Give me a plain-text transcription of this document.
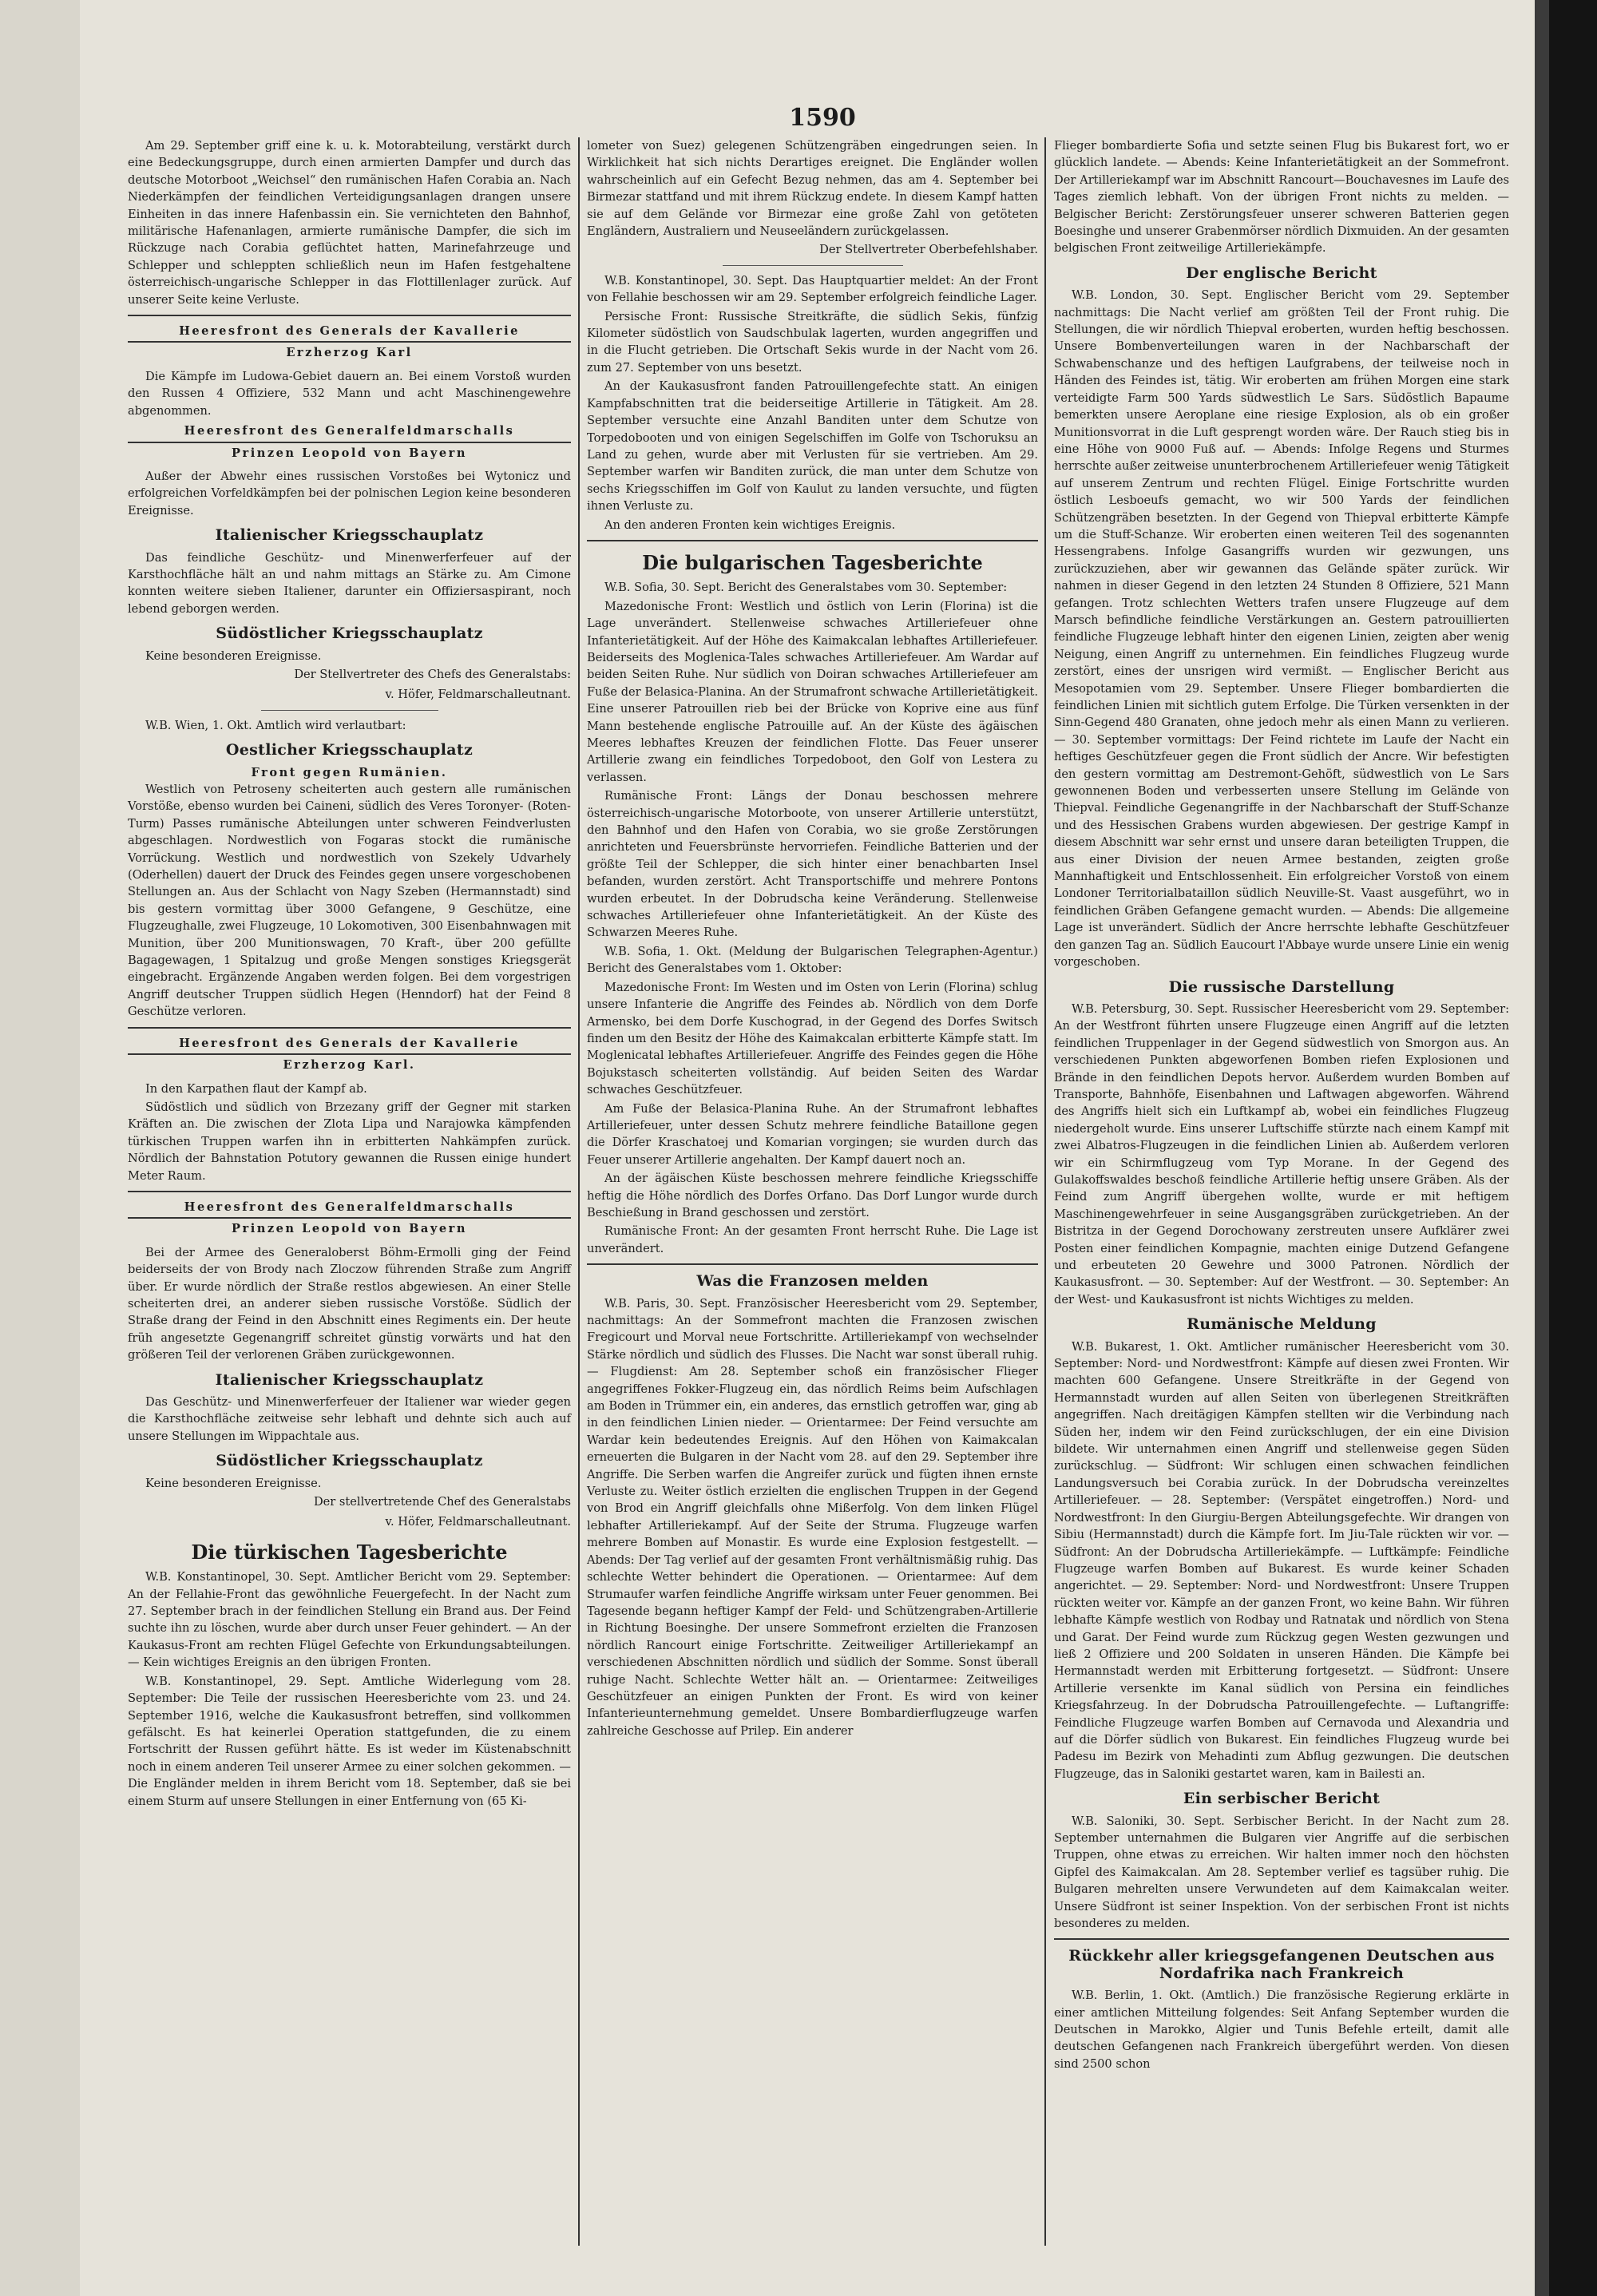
1590

Am 29. September griff eine k. u. k. Motorabteilung, verstärkt durch eine Bedeckungsgruppe, durch einen armierten Dampfer und durch das deutsche Motorboot „Weichsel“ den rumänischen Hafen Corabia an. Nach Niederkämpfen der feindlichen Verteidigungsanlagen drangen unsere Einheiten in das innere Hafenbassin ein. Sie vernichteten den Bahnhof, militärische Hafenanlagen, armierte rumänische Dampfer, die sich im Rückzuge nach Corabia geflüchtet hatten, Marinefahrzeuge und Schlepper und schleppten schließlich neun im Hafen festgehaltene österreichisch-ungarische Schlepper in das Flottillenlager zurück. Auf unserer Seite keine Verluste.

Heeresfront des Generals der Kavallerie
Erzherzog Karl

Die Kämpfe im Ludowa-Gebiet dauern an. Bei einem Vorstoß wurden den Russen 4 Offiziere, 532 Mann und acht Maschinengewehre abgenommen.

Heeresfront des Generalfeldmarschalls
Prinzen Leopold von Bayern

Außer der Abwehr eines russischen Vorstoßes bei Wytonicz und erfolgreichen Vorfeldkämpfen bei der polnischen Legion keine besonderen Ereignisse.

Italienischer Kriegsschauplatz

Das feindliche Geschütz- und Minenwerferfeuer auf der Karsthochfläche hält an und nahm mittags an Stärke zu. Am Cimone konnten weitere sieben Italiener, darunter ein Offiziersaspirant, noch lebend geborgen werden.

Südöstlicher Kriegsschauplatz

Keine besonderen Ereignisse.

Der Stellvertreter des Chefs des Generalstabs:
v. Höfer, Feldmarschalleutnant.

W.B. Wien, 1. Okt. Amtlich wird verlautbart:

Oestlicher Kriegsschauplatz
Front gegen Rumänien.

Westlich von Petroseny scheiterten auch gestern alle rumänischen Vorstöße, ebenso wurden bei Caineni, südlich des Veres Toronyer- (Roten-Turm) Passes rumänische Abteilungen unter schweren Feindverlusten abgeschlagen. Nordwestlich von Fogaras stockt die rumänische Vorrückung. Westlich und nordwestlich von Szekely Udvarhely (Oderhellen) dauert der Druck des Feindes gegen unsere vorgeschobenen Stellungen an. Aus der Schlacht von Nagy Szeben (Hermannstadt) sind bis gestern vormittag über 3000 Gefangene, 9 Geschütze, eine Flugzeughalle, zwei Flugzeuge, 10 Lokomotiven, 300 Eisenbahnwagen mit Munition, über 200 Munitionswagen, 70 Kraft-, über 200 gefüllte Bagagewagen, 1 Spitalzug und große Mengen sonstiges Kriegsgerät eingebracht. Ergänzende Angaben werden folgen. Bei dem vorgestrigen Angriff deutscher Truppen südlich Hegen (Henndorf) hat der Feind 8 Geschütze verloren.

Heeresfront des Generals der Kavallerie
Erzherzog Karl.

In den Karpathen flaut der Kampf ab.

Südöstlich und südlich von Brzezany griff der Gegner mit starken Kräften an. Die zwischen der Zlota Lipa und Narajowka kämpfenden türkischen Truppen warfen ihn in erbitterten Nahkämpfen zurück. Nördlich der Bahnstation Potutory gewannen die Russen einige hundert Meter Raum.

Heeresfront des Generalfeldmarschalls
Prinzen Leopold von Bayern

Bei der Armee des Generaloberst Böhm-Ermolli ging der Feind beiderseits der von Brody nach Zloczow führenden Straße zum Angriff über. Er wurde nördlich der Straße restlos abgewiesen. An einer Stelle scheiterten drei, an anderer sieben russische Vorstöße. Südlich der Straße drang der Feind in den Abschnitt eines Regiments ein. Der heute früh angesetzte Gegenangriff schreitet günstig vorwärts und hat den größeren Teil der verlorenen Gräben zurückgewonnen.

Italienischer Kriegsschauplatz

Das Geschütz- und Minenwerferfeuer der Italiener war wieder gegen die Karsthochfläche zeitweise sehr lebhaft und dehnte sich auch auf unsere Stellungen im Wippachtale aus.

Südöstlicher Kriegsschauplatz

Keine besonderen Ereignisse.

Der stellvertretende Chef des Generalstabs
v. Höfer, Feldmarschalleutnant.
Die türkischen Tagesberichte

W.B. Konstantinopel, 30. Sept. Amtlicher Bericht vom 29. September: An der Fellahie-Front das gewöhnliche Feuergefecht. In der Nacht zum 27. September brach in der feindlichen Stellung ein Brand aus. Der Feind suchte ihn zu löschen, wurde aber durch unser Feuer gehindert. — An der Kaukasus-Front am rechten Flügel Gefechte von Erkundungsabteilungen. — Kein wichtiges Ereignis an den übrigen Fronten.

W.B. Konstantinopel, 29. Sept. Amtliche Widerlegung vom 28. September: Die Teile der russischen Heeresberichte vom 23. und 24. September 1916, welche die Kaukasusfront betreffen, sind vollkommen gefälscht. Es hat keinerlei Operation stattgefunden, die zu einem Fortschritt der Russen geführt hätte. Es ist weder im Küstenabschnitt noch in einem anderen Teil unserer Armee zu einer solchen gekommen. — Die Engländer melden in ihrem Bericht vom 18. September, daß sie bei einem Sturm auf unsere Stellungen in einer Entfernung von (65 Ki-

lometer von Suez) gelegenen Schützengräben eingedrungen seien. In Wirklichkeit hat sich nichts Derartiges ereignet. Die Engländer wollen wahrscheinlich auf ein Gefecht Bezug nehmen, das am 4. September bei Birmezar stattfand und mit ihrem Rückzug endete. In diesem Kampf hatten sie auf dem Gelände vor Birmezar eine große Zahl von getöteten Engländern, Australiern und Neuseeländern zurückgelassen.

Der Stellvertreter Oberbefehlshaber.

W.B. Konstantinopel, 30. Sept. Das Hauptquartier meldet: An der Front von Fellahie beschossen wir am 29. September erfolgreich feindliche Lager.

Persische Front: Russische Streitkräfte, die südlich Sekis, fünfzig Kilometer südöstlich von Saudschbulak lagerten, wurden angegriffen und in die Flucht getrieben. Die Ortschaft Sekis wurde in der Nacht vom 26. zum 27. September von uns besetzt.

An der Kaukasusfront fanden Patrouillengefechte statt. An einigen Kampfabschnitten trat die beiderseitige Artillerie in Tätigkeit. Am 28. September versuchte eine Anzahl Banditen unter dem Schutze von Torpedobooten und von einigen Segelschiffen im Golfe von Tschoruksu an Land zu gehen, wurde aber mit Verlusten für sie vertrieben. Am 29. September warfen wir Banditen zurück, die man unter dem Schutze von sechs Kriegsschiffen im Golf von Kaulut zu landen versuchte, und fügten ihnen Verluste zu.

An den anderen Fronten kein wichtiges Ereignis.

Die bulgarischen Tagesberichte

W.B. Sofia, 30. Sept. Bericht des Generalstabes vom 30. September:

Mazedonische Front: Westlich und östlich von Lerin (Florina) ist die Lage unverändert. Stellenweise schwaches Artilleriefeuer ohne Infanterietätigkeit. Auf der Höhe des Kaimakcalan lebhaftes Artilleriefeuer. Beiderseits des Moglenica-Tales schwaches Artilleriefeuer. Am Wardar auf beiden Seiten Ruhe. Nur südlich von Doiran schwaches Artilleriefeuer am Fuße der Belasica-Planina. An der Strumafront schwache Artillerietätigkeit. Eine unserer Patrouillen rieb bei der Brücke von Koprive eine aus fünf Mann bestehende englische Patrouille auf. An der Küste des ägäischen Meeres lebhaftes Kreuzen der feindlichen Flotte. Das Feuer unserer Artillerie zwang ein feindliches Torpedoboot, den Golf von Lestera zu verlassen.

Rumänische Front: Längs der Donau beschossen mehrere österreichisch-ungarische Motorboote, von unserer Artillerie unterstützt, den Bahnhof und den Hafen von Corabia, wo sie große Zerstörungen anrichteten und Feuersbrünste hervorriefen. Feindliche Batterien und der größte Teil der Schlepper, die sich hinter einer benachbarten Insel befanden, wurden zerstört. Acht Transportschiffe und mehrere Pontons wurden erbeutet. In der Dobrudscha keine Veränderung. Stellenweise schwaches Artilleriefeuer ohne Infanterietätigkeit. An der Küste des Schwarzen Meeres Ruhe.

W.B. Sofia, 1. Okt. (Meldung der Bulgarischen Telegraphen-Agentur.) Bericht des Generalstabes vom 1. Oktober:

Mazedonische Front: Im Westen und im Osten von Lerin (Florina) schlug unsere Infanterie die Angriffe des Feindes ab. Nördlich von dem Dorfe Armensko, bei dem Dorfe Kuschograd, in der Gegend des Dorfes Switsch finden um den Besitz der Höhe des Kaimakcalan erbitterte Kämpfe statt. Im Moglenicatal lebhaftes Artilleriefeuer. Angriffe des Feindes gegen die Höhe Bojukstasch scheiterten vollständig. Auf beiden Seiten des Wardar schwaches Geschützfeuer.

Am Fuße der Belasica-Planina Ruhe. An der Strumafront lebhaftes Artilleriefeuer, unter dessen Schutz mehrere feindliche Bataillone gegen die Dörfer Kraschatoej und Komarian vorgingen; sie wurden durch das Feuer unserer Artillerie angehalten. Der Kampf dauert noch an.

An der ägäischen Küste beschossen mehrere feindliche Kriegsschiffe heftig die Höhe nördlich des Dorfes Orfano. Das Dorf Lungor wurde durch Beschießung in Brand geschossen und zerstört.

Rumänische Front: An der gesamten Front herrscht Ruhe. Die Lage ist unverändert.

Was die Franzosen melden

W.B. Paris, 30. Sept. Französischer Heeresbericht vom 29. September, nachmittags: An der Sommefront machten die Franzosen zwischen Fregicourt und Morval neue Fortschritte. Artilleriekampf von wechselnder Stärke nördlich und südlich des Flusses. Die Nacht war sonst überall ruhig. — Flugdienst: Am 28. September schoß ein französischer Flieger angegriffenes Fokker-Flugzeug ein, das nördlich Reims beim Aufschlagen am Boden in Trümmer ein, ein anderes, das ernstlich getroffen war, ging ab in den feindlichen Linien nieder. — Orientarmee: Der Feind versuchte am Wardar kein bedeutendes Ereignis. Auf den Höhen von Kaimakcalan erneuerten die Bulgaren in der Nacht vom 28. auf den 29. September ihre Angriffe. Die Serben warfen die Angreifer zurück und fügten ihnen ernste Verluste zu. Weiter östlich erzielten die englischen Truppen in der Gegend von Brod ein Angriff gleichfalls ohne Mißerfolg. Von dem linken Flügel lebhafter Artilleriekampf. Auf der Seite der Struma. Flugzeuge warfen mehrere Bomben auf Monastir. Es wurde eine Explosion festgestellt. — Abends: Der Tag verlief auf der gesamten Front verhältnismäßig ruhig. Das schlechte Wetter behindert die Operationen. — Orientarmee: Auf dem Strumaufer warfen feindliche Angriffe wirksam unter Feuer genommen. Bei Tagesende begann heftiger Kampf der Feld- und Schützengraben-Artillerie in Richtung Boesinghe. Der unsere Sommefront erzielten die Franzosen nördlich Rancourt einige Fortschritte. Zeitweiliger Artilleriekampf an verschiedenen Abschnitten nördlich und südlich der Somme. Sonst überall ruhige Nacht. Schlechte Wetter hält an. — Orientarmee: Zeitweiliges Geschützfeuer an einigen Punkten der Front. Es wird von keiner Infanterieunternehmung gemeldet. Unsere Bombardierflugzeuge warfen zahlreiche Geschosse auf Prilep. Ein anderer

Flieger bombardierte Sofia und setzte seinen Flug bis Bukarest fort, wo er glücklich landete. — Abends: Keine Infanterietätigkeit an der Sommefront. Der Artilleriekampf war im Abschnitt Rancourt—Bouchavesnes im Laufe des Tages ziemlich lebhaft. Von der übrigen Front nichts zu melden. — Belgischer Bericht: Zerstörungsfeuer unserer schweren Batterien gegen Boesinghe und unserer Grabenmörser nördlich Dixmuiden. An der gesamten belgischen Front zeitweilige Artilleriekämpfe.

Der englische Bericht

W.B. London, 30. Sept. Englischer Bericht vom 29. September nachmittags: Die Nacht verlief am größten Teil der Front ruhig. Die Stellungen, die wir nördlich Thiepval eroberten, wurden heftig beschossen. Unsere Bombenverteilungen waren in der Nachbarschaft der Schwabenschanze und des heftigen Laufgrabens, der teilweise noch in Händen des Feindes ist, tätig. Wir eroberten am frühen Morgen eine stark verteidigte Farm 500 Yards südwestlich Le Sars. Südöstlich Bapaume bemerkten unsere Aeroplane eine riesige Explosion, als ob ein großer Munitionsvorrat in die Luft gesprengt worden wäre. Der Rauch stieg bis in eine Höhe von 9000 Fuß auf. — Abends: Infolge Regens und Sturmes herrschte außer zeitweise ununterbrochenem Artilleriefeuer wenig Tätigkeit auf unserem Zentrum und rechten Flügel. Einige Fortschritte wurden östlich Lesboeufs gemacht, wo wir 500 Yards der feindlichen Schützengräben besetzten. In der Gegend von Thiepval erbitterte Kämpfe um die Stuff-Schanze. Wir eroberten einen weiteren Teil des sogenannten Hessengrabens. Infolge Gasangriffs wurden wir gezwungen, uns zurückzuziehen, aber wir gewannen das Gelände später zurück. Wir nahmen in dieser Gegend in den letzten 24 Stunden 8 Offiziere, 521 Mann gefangen. Trotz schlechten Wetters trafen unsere Flugzeuge auf dem Marsch befindliche feindliche Verstärkungen an. Gestern patrouillierten feindliche Flugzeuge lebhaft hinter den eigenen Linien, zeigten aber wenig Neigung, einen Angriff zu unternehmen. Ein feindliches Flugzeug wurde zerstört, eines der unsrigen wird vermißt. — Englischer Bericht aus Mesopotamien vom 29. September. Unsere Flieger bombardierten die feindlichen Linien mit sichtlich gutem Erfolge. Die Türken versenkten in der Sinn-Gegend 480 Granaten, ohne jedoch mehr als einen Mann zu verlieren. — 30. September vormittags: Der Feind richtete im Laufe der Nacht ein heftiges Geschützfeuer gegen die Front südlich der Ancre. Wir befestigten den gestern vormittag am Destremont-Gehöft, südwestlich von Le Sars gewonnenen Boden und verbesserten unsere Stellung im Gelände von Thiepval. Feindliche Gegenangriffe in der Nachbarschaft der Stuff-Schanze und des Hessischen Grabens wurden abgewiesen. Der gestrige Kampf in diesem Abschnitt war sehr ernst und unsere daran beteiligten Truppen, die aus einer Division der neuen Armee bestanden, zeigten große Mannhaftigkeit und Entschlossenheit. Ein erfolgreicher Vorstoß von einem Londoner Territorialbataillon südlich Neuville-St. Vaast ausgeführt, wo in feindlichen Gräben Gefangene gemacht wurden. — Abends: Die allgemeine Lage ist unverändert. Südlich der Ancre herrschte lebhafte Geschützfeuer den ganzen Tag an. Südlich Eaucourt l'Abbaye wurde unsere Linie ein wenig vorgeschoben.

Die russische Darstellung

W.B. Petersburg, 30. Sept. Russischer Heeresbericht vom 29. September: An der Westfront führten unsere Flugzeuge einen Angriff auf die letzten feindlichen Truppenlager in der Gegend südwestlich von Smorgon aus. An verschiedenen Punkten abgeworfenen Bomben riefen Explosionen und Brände in den feindlichen Depots hervor. Außerdem wurden Bomben auf Transporte, Bahnhöfe, Eisenbahnen und Laftwagen abgeworfen. Während des Angriffs hielt sich ein Luftkampf ab, wobei ein feindliches Flugzeug niedergeholt wurde. Eins unserer Luftschiffe stürzte nach einem Kampf mit zwei Albatros-Flugzeugen in die feindlichen Linien ab. Außerdem verloren wir ein Schirmflugzeug vom Typ Morane. In der Gegend des Gulakoffswaldes beschoß feindliche Artillerie heftig unsere Gräben. Als der Feind zum Angriff übergehen wollte, wurde er mit heftigem Maschinengewehrfeuer in seine Ausgangsgräben zurückgetrieben. An der Bistritza in der Gegend Dorochowany zerstreuten unsere Aufklärer zwei Posten einer feindlichen Kompagnie, machten einige Dutzend Gefangene und erbeuteten 20 Gewehre und 3000 Patronen. Nördlich der Kaukasusfront. — 30. September: Auf der Westfront. — 30. September: An der West- und Kaukasusfront ist nichts Wichtiges zu melden.

Rumänische Meldung

W.B. Bukarest, 1. Okt. Amtlicher rumänischer Heeresbericht vom 30. September: Nord- und Nordwestfront: Kämpfe auf diesen zwei Fronten. Wir machten 600 Gefangene. Unsere Streitkräfte in der Gegend von Hermannstadt wurden auf allen Seiten von überlegenen Streitkräften angegriffen. Nach dreitägigen Kämpfen stellten wir die Verbindung nach Süden her, indem wir den Feind zurückschlugen, der ein eine Division bildete. Wir unternahmen einen Angriff und stellenweise gegen Süden zurückschlug. — Südfront: Wir schlugen einen schwachen feindlichen Landungsversuch bei Corabia zurück. In der Dobrudscha vereinzeltes Artilleriefeuer. — 28. September: (Verspätet eingetroffen.) Nord- und Nordwestfront: In den Giurgiu-Bergen Abteilungsgefechte. Wir drangen von Sibiu (Hermannstadt) durch die Kämpfe fort. Im Jiu-Tale rückten wir vor. — Südfront: An der Dobrudscha Artilleriekämpfe. — Luftkämpfe: Feindliche Flugzeuge warfen Bomben auf Bukarest. Es wurde keiner Schaden angerichtet. — 29. September: Nord- und Nordwestfront: Unsere Truppen rückten weiter vor. Kämpfe an der ganzen Front, wo keine Bahn. Wir führen lebhafte Kämpfe westlich von Rodbay und Ratnatak und nördlich von Stena und Garat. Der Feind wurde zum Rückzug gegen Westen gezwungen und ließ 2 Offiziere und 200 Soldaten in unseren Händen. Die Kämpfe bei Hermannstadt werden mit Erbitterung fortgesetzt. — Südfront: Unsere Artillerie versenkte im Kanal südlich von Persina ein feindliches Kriegsfahrzeug. In der Dobrudscha Patrouillengefechte. — Luftangriffe: Feindliche Flugzeuge warfen Bomben auf Cernavoda und Alexandria und auf die Dörfer südlich von Bukarest. Ein feindliches Flugzeug wurde bei Padesu im Bezirk von Mehadinti zum Abflug gezwungen. Die deutschen Flugzeuge, das in Saloniki gestartet waren, kam in Bailesti an.

Ein serbischer Bericht

W.B. Saloniki, 30. Sept. Serbischer Bericht. In der Nacht zum 28. September unternahmen die Bulgaren vier Angriffe auf die serbischen Truppen, ohne etwas zu erreichen. Wir halten immer noch den höchsten Gipfel des Kaimakcalan. Am 28. September verlief es tagsüber ruhig. Die Bulgaren mehrelten unsere Verwundeten auf dem Kaimakcalan weiter. Unsere Südfront ist seiner Inspektion. Von der serbischen Front ist nichts besonderes zu melden.

Rückkehr aller kriegsgefangenen Deutschen aus Nordafrika nach Frankreich

W.B. Berlin, 1. Okt. (Amtlich.) Die französische Regierung erklärte in einer amtlichen Mitteilung folgendes: Seit Anfang September wurden die Deutschen in Marokko, Algier und Tunis Befehle erteilt, damit alle deutschen Gefangenen nach Frankreich übergeführt werden. Von diesen sind 2500 schon
